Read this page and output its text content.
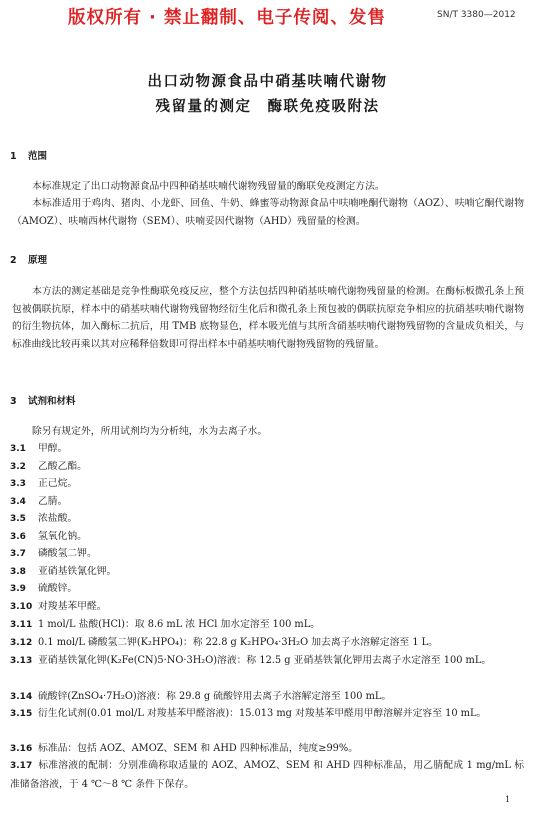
版权所有 · 禁止翻制、电子传阅、发售	SN/T 3380—2012
出口动物源食品中硝基呋喃代谢物
残留量的测定　酶联免疫吸附法
1 范围

本标准规定了出口动物源食品中四种硝基呋喃代谢物残留量的酶联免疫测定方法。

本标准适用于鸡肉、猪肉、小龙虾、回鱼、牛奶、蜂蜜等动物源食品中呋喃唑酮代谢物（AOZ）、呋喃它酮代谢物（AMOZ）、呋喃西林代谢物（SEM）、呋喃妥因代谢物（AHD）残留量的检测。

2 原理

本方法的测定基础是竞争性酶联免疫反应，整个方法包括四种硝基呋喃代谢物残留量的检测。在酶标板微孔条上预包被偶联抗原，样本中的硝基呋喃代谢物残留物经衍生化后和微孔条上预包被的偶联抗原竞争相应的抗硝基呋喃代谢物的衍生物抗体，加入酶标二抗后，用 TMB 底物显色，样本吸光值与其所含硝基呋喃代谢物残留物的含量成负相关，与标准曲线比较再乘以其对应稀释倍数即可得出样本中硝基呋喃代谢物残留物的残留量。

3 试剂和材料

除另有规定外，所用试剂均为分析纯，水为去离子水。

3.1 甲醇。
3.2 乙酸乙酯。
3.3 正己烷。
3.4 乙腈。
3.5 浓盐酸。
3.6 氢氧化钠。
3.7 磷酸氢二钾。
3.8 亚硝基铁氰化钾。
3.9 硫酸锌。
3.10 对羧基苯甲醛。
3.11 1 mol/L 盐酸(HCl)：取 8.6 mL 浓 HCl 加水定溶至 100 mL。
3.12 0.1 mol/L 磷酸氢二钾(K₂HPO₄)：称 22.8 g K₂HPO₄·3H₂O 加去离子水溶解定溶至 1 L。
3.13 亚硝基铁氰化钾(K₂Fe(CN)5·NO·3H₂O)溶液：称 12.5 g 亚硝基铁氰化钾用去离子水定溶至 100 mL。
3.14 硫酸锌(ZnSO₄·7H₂O)溶液：称 29.8 g 硫酸锌用去离子水溶解定溶至 100 mL。
3.15 衍生化试剂(0.01 mol/L 对羧基苯甲醛溶液)：15.013 mg 对羧基苯甲醛用甲醇溶解并定容至 10 mL。
3.16 标准品：包括 AOZ、AMOZ、SEM 和 AHD 四种标准品，纯度≥99%。
3.17 标准溶液的配制：分别准确称取适量的 AOZ、AMOZ、SEM 和 AHD 四种标准品，用乙腈配成 1 mg/mL 标准储备溶液，于 4 ℃～8 ℃ 条件下保存。
1
